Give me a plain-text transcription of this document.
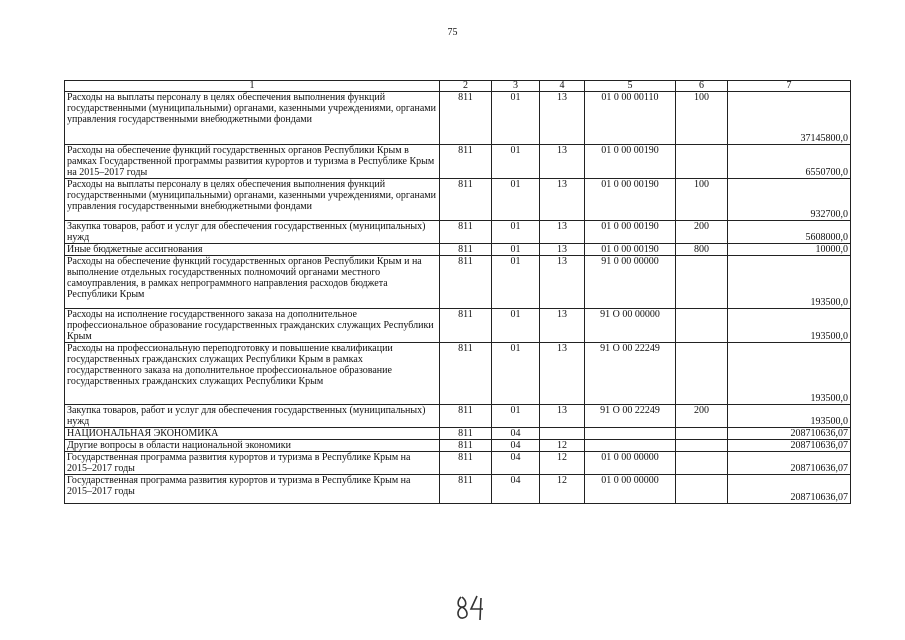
75
1	2	3	4	5	6	7
Расходы на выплаты персоналу в целях обеспечения выполнения функций государственными (муниципальными) органами, казенными учреждениями, органами управления государственными внебюджетными фондами	811	01	13	01 0 00 00110	100	37145800,0
Расходы на обеспечение функций государственных органов Республики Крым в рамках Государственной программы развития курортов и туризма в Республике Крым на 2015–2017 годы	811	01	13	01 0 00 00190		6550700,0
Расходы на выплаты персоналу в целях обеспечения выполнения функций государственными (муниципальными) органами, казенными учреждениями, органами управления государственными внебюджетными фондами	811	01	13	01 0 00 00190	100	932700,0
Закупка товаров, работ и услуг для обеспечения государственных (муниципальных) нужд	811	01	13	01 0 00 00190	200	5608000,0
Иные бюджетные ассигнования	811	01	13	01 0 00 00190	800	10000,0
Расходы на обеспечение функций государственных органов Республики Крым и на выполнение отдельных государственных полномочий органами местного самоуправления, в рамках непрограммного направления расходов бюджета Республики Крым	811	01	13	91 0 00 00000		193500,0
Расходы на исполнение государственного заказа на дополнительное профессиональное образование государственных гражданских служащих Республики Крым	811	01	13	91 О 00 00000		193500,0
Расходы на профессиональную переподготовку и повышение квалификации государственных гражданских служащих Республики Крым в рамках государственного заказа на дополнительное профессиональное образование государственных гражданских служащих Республики Крым	811	01	13	91 О 00 22249		193500,0
Закупка товаров, работ и услуг для обеспечения государственных (муниципальных) нужд	811	01	13	91 О 00 22249	200	193500,0
НАЦИОНАЛЬНАЯ ЭКОНОМИКА	811	04				208710636,07
Другие вопросы в области национальной экономики	811	04	12			208710636,07
Государственная программа развития курортов и туризма в Республике Крым на 2015–2017 годы	811	04	12	01 0 00 00000		208710636,07
Государственная программа развития курортов и туризма в Республике Крым на 2015–2017 годы	811	04	12	01 0 00 00000		208710636,07
